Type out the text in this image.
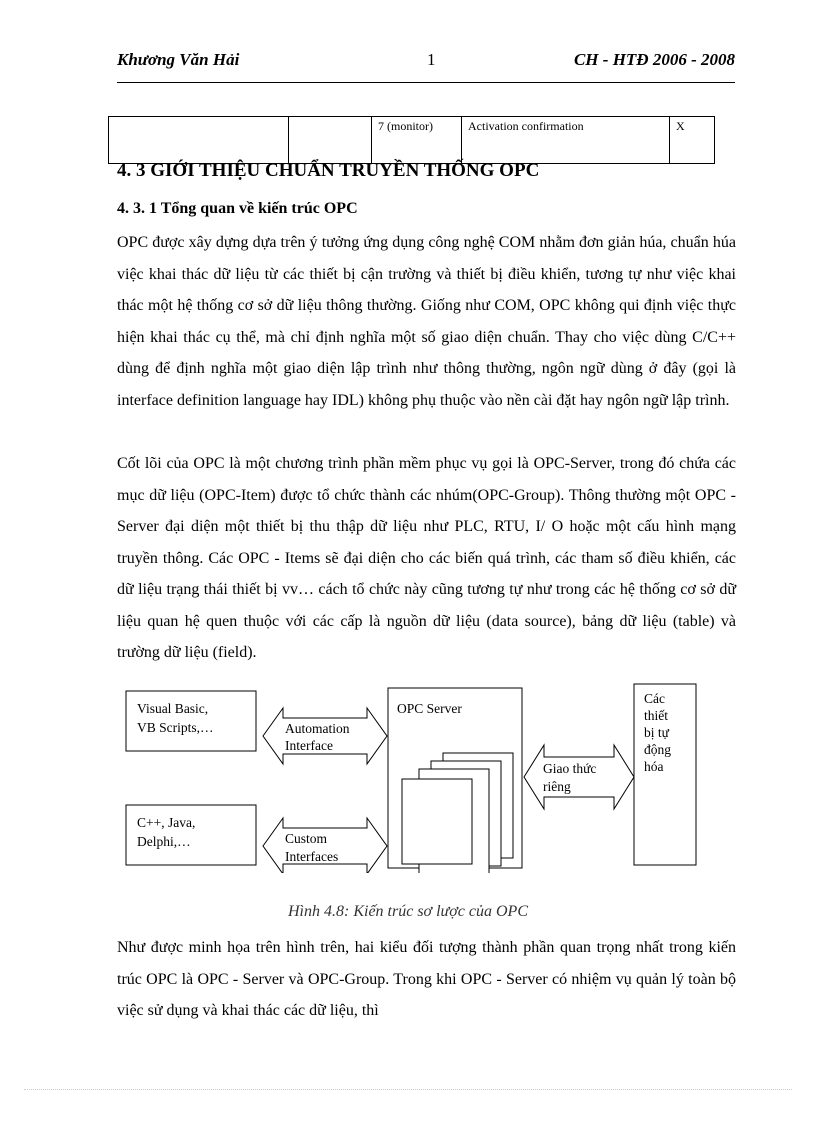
Khương Văn Hải	1	CH - HTĐ 2006 - 2008
		7 (monitor)	Activation confirmation	X
4. 3 GIỚI THIỆU CHUẨN TRUYỀN THỐNG OPC
4. 3. 1 Tổng quan về kiến trúc OPC

OPC được xây dựng dựa trên ý tưởng ứng dụng công nghệ COM nhằm đơn giản húa, chuẩn húa việc khai thác dữ liệu từ các thiết bị cận trường và thiết bị điều khiển, tương tự như việc khai thác một hệ thống cơ sở dữ liệu thông thường. Giống như COM, OPC không qui định việc thực hiện khai thác cụ thể, mà chỉ định nghĩa một số giao diện chuẩn. Thay cho việc dùng C/C++ dùng để định nghĩa một giao diện lập trình như thông thường, ngôn ngữ dùng ở đây (gọi là interface definition language hay IDL) không phụ thuộc vào nền cài đặt hay ngôn ngữ lập trình.

Cốt lõi của OPC là một chương trình phần mềm phục vụ gọi là OPC-Server, trong đó chứa các mục dữ liệu (OPC-Item) được tổ chức thành các nhúm(OPC-Group). Thông thường một OPC - Server đại diện một thiết bị thu thập dữ liệu như PLC, RTU, I/ O hoặc một cấu hình mạng truyền thông. Các OPC - Items sẽ đại diện cho các biến quá trình, các tham số điều khiển, các dữ liệu trạng thái thiết bị vv… cách tổ chức này cũng tương tự như trong các hệ thống cơ sở dữ liệu quan hệ quen thuộc với các cấp là nguồn dữ liệu (data source), bảng dữ liệu (table) và trường dữ liệu (field).

Visual Basic,
VB Scripts,…
C++, Java,
Delphi,…
Automation
Interface
Custom
Interfaces
OPC Server
Giao thức
riêng
Các
thiết
bị tự
động
hóa
Hình 4.8: Kiến trúc sơ lược của OPC

Như được minh họa trên hình trên, hai kiểu đối tượng thành phần quan trọng nhất trong kiến trúc OPC là OPC - Server và OPC-Group. Trong khi OPC - Server có nhiệm vụ quản lý toàn bộ việc sử dụng và khai thác các dữ liệu, thì
